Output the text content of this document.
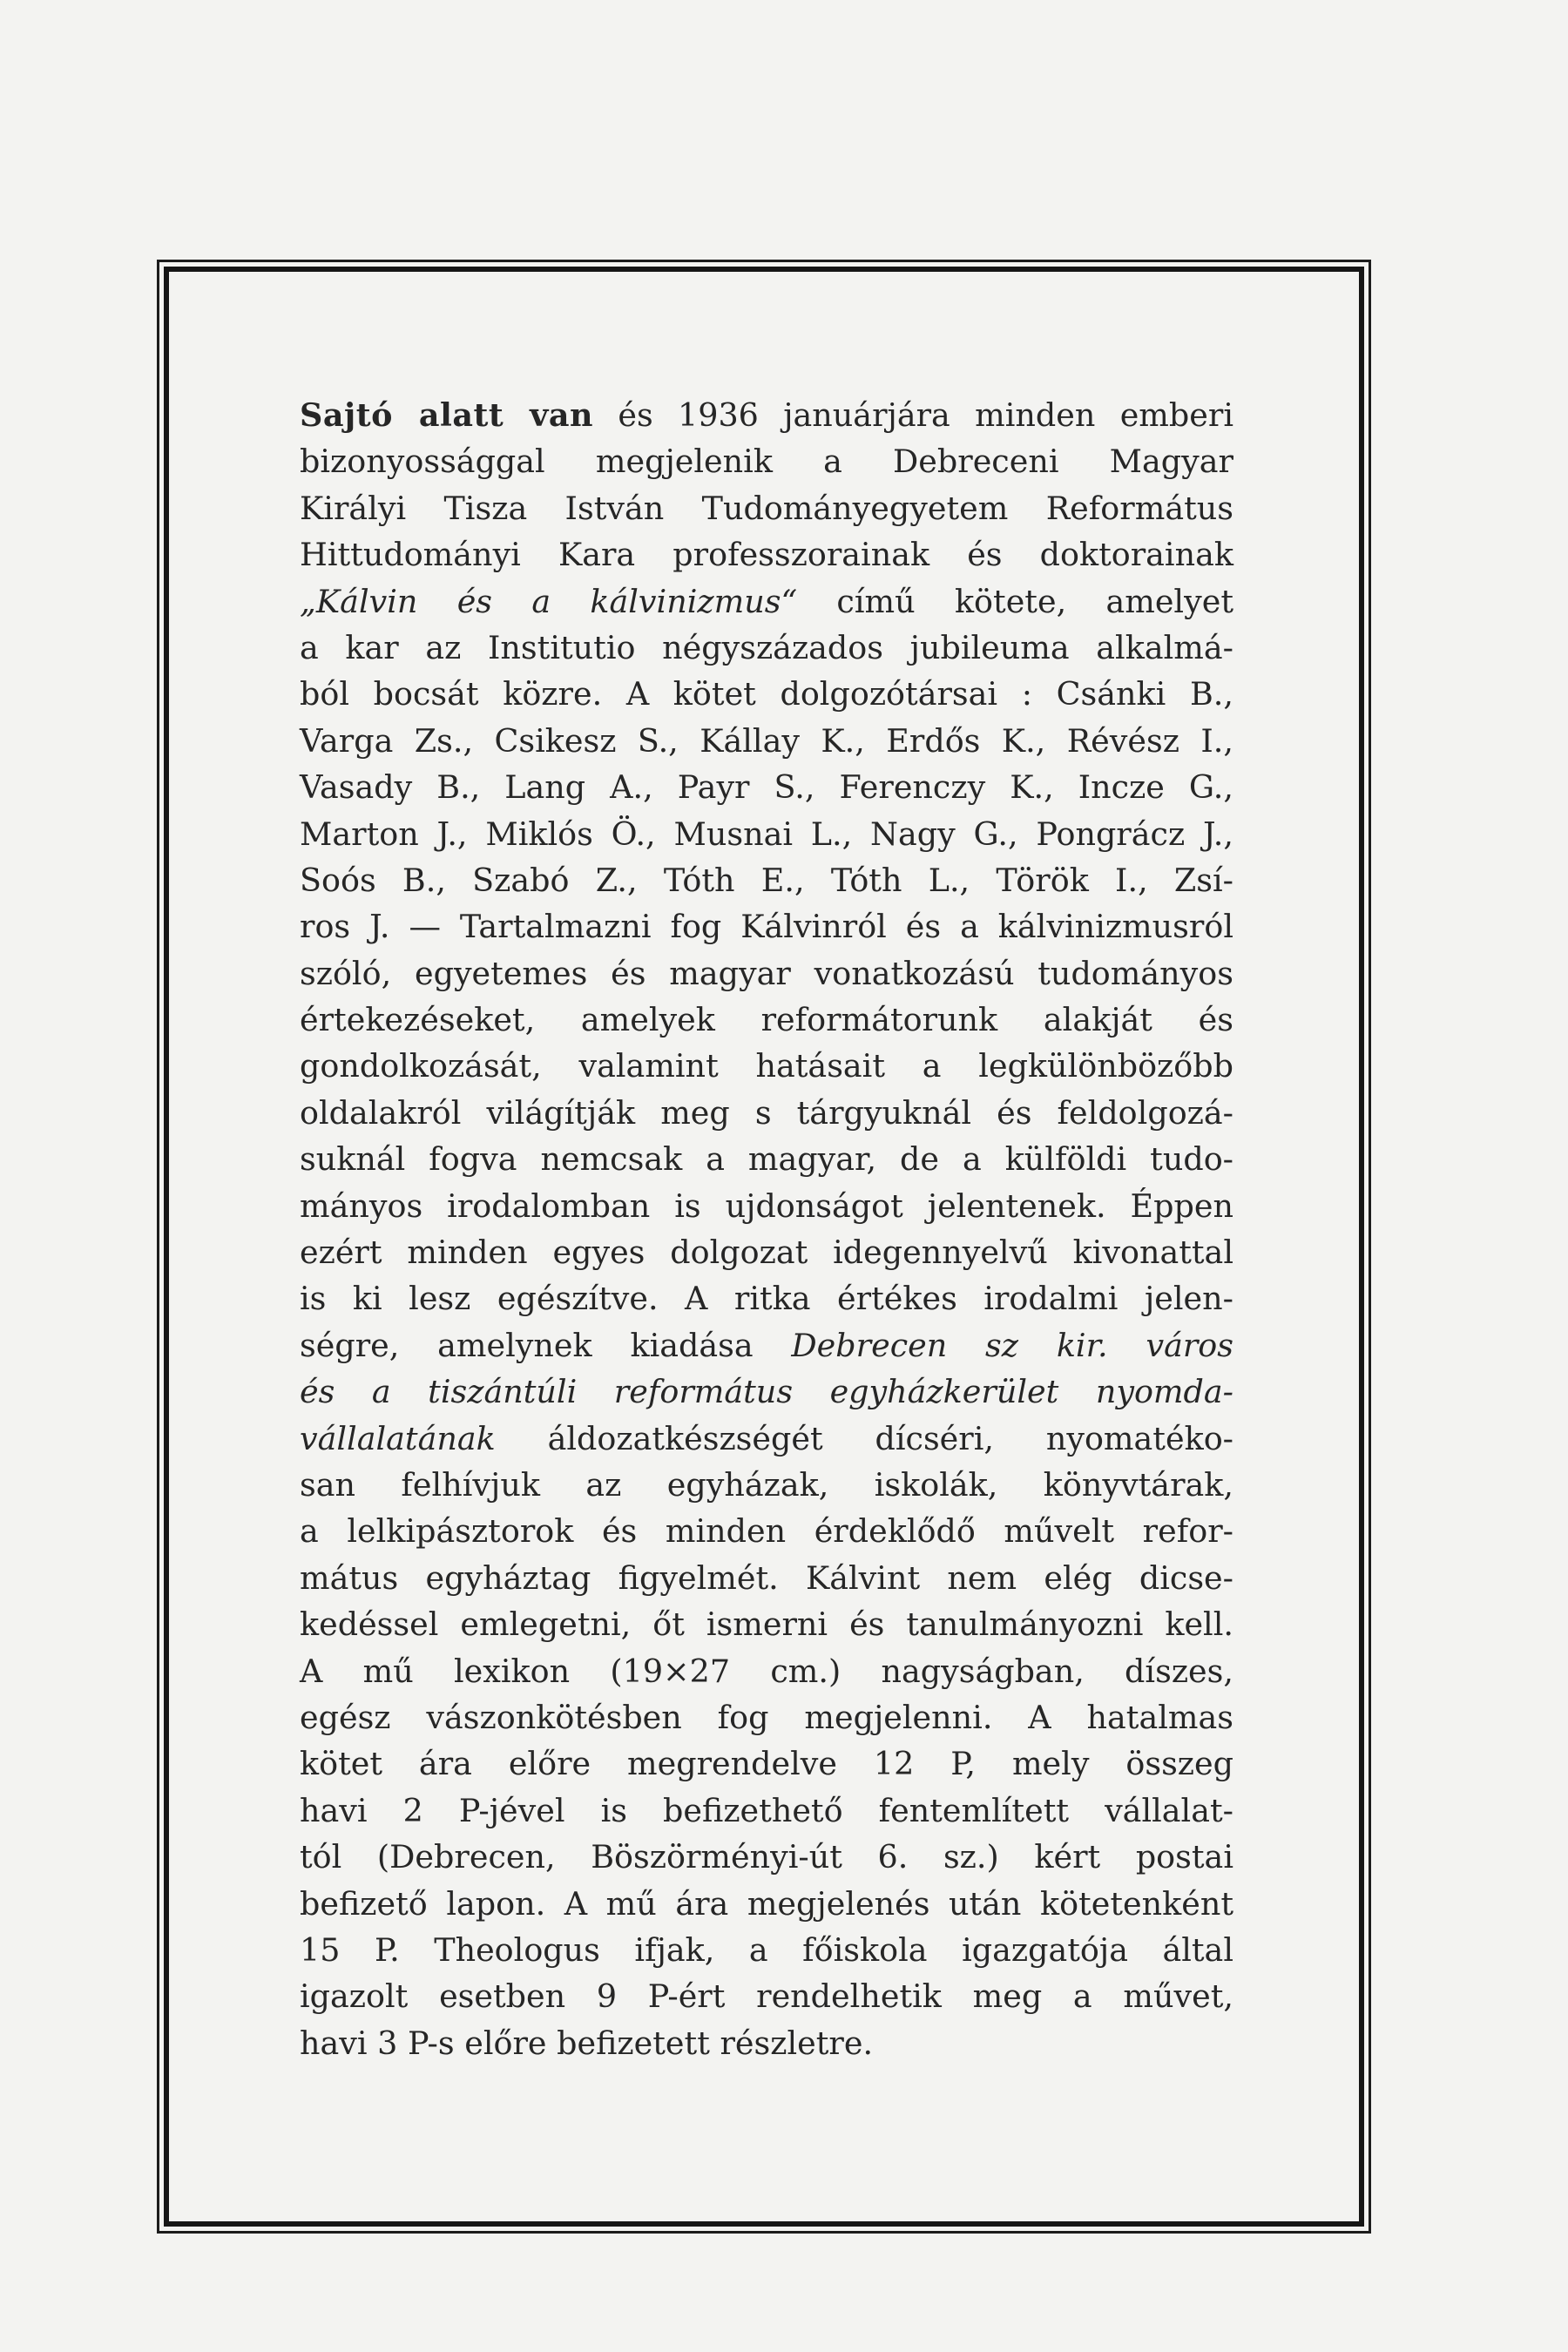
Sajtó alatt van és 1936 januárjára minden emberi
bizonyossággal megjelenik a Debreceni Magyar
Királyi Tisza István Tudományegyetem Református
Hittudományi Kara professzorainak és doktorainak
„Kálvin és a kálvinizmus“ című kötete, amelyet
a kar az Institutio négyszázados jubileuma alkalmá-
ból bocsát közre. A kötet dolgozótársai : Csánki B.,
Varga Zs., Csikesz S., Kállay K., Erdős K., Révész I.,
Vasady B., Lang A., Payr S., Ferenczy K., Incze G.,
Marton J., Miklós Ö., Musnai L., Nagy G., Pongrácz J.,
Soós B., Szabó Z., Tóth E., Tóth L., Török I., Zsí-
ros J. — Tartalmazni fog Kálvinról és a kálvinizmusról
szóló, egyetemes és magyar vonatkozású tudományos
értekezéseket, amelyek reformátorunk alakját és
gondolkozását, valamint hatásait a legkülönbözőbb
oldalakról világítják meg s tárgyuknál és feldolgozá-
suknál fogva nemcsak a magyar, de a külföldi tudo-
mányos irodalomban is ujdonságot jelentenek. Éppen
ezért minden egyes dolgozat idegennyelvű kivonattal
is ki lesz egészítve. A ritka értékes irodalmi jelen-
ségre, amelynek kiadása Debrecen sz kir. város
és a tiszántúli református egyházkerület nyomda-
vállalatának áldozatkészségét dícséri, nyomatéko-
san felhívjuk az egyházak, iskolák, könyvtárak,
a lelkipásztorok és minden érdeklődő művelt refor-
mátus egyháztag figyelmét. Kálvint nem elég dicse-
kedéssel emlegetni, őt ismerni és tanulmányozni kell.
A mű lexikon (19×27 cm.) nagyságban, díszes,
egész vászonkötésben fog megjelenni. A hatalmas
kötet ára előre megrendelve 12 P, mely összeg
havi 2 P-jével is befizethető fentemlített vállalat-
tól (Debrecen, Böszörményi-út 6. sz.) kért postai
befizető lapon. A mű ára megjelenés után kötetenként
15 P. Theologus ifjak, a főiskola igazgatója által
igazolt esetben 9 P-ért rendelhetik meg a művet,
havi 3 P-s előre befizetett részletre.
